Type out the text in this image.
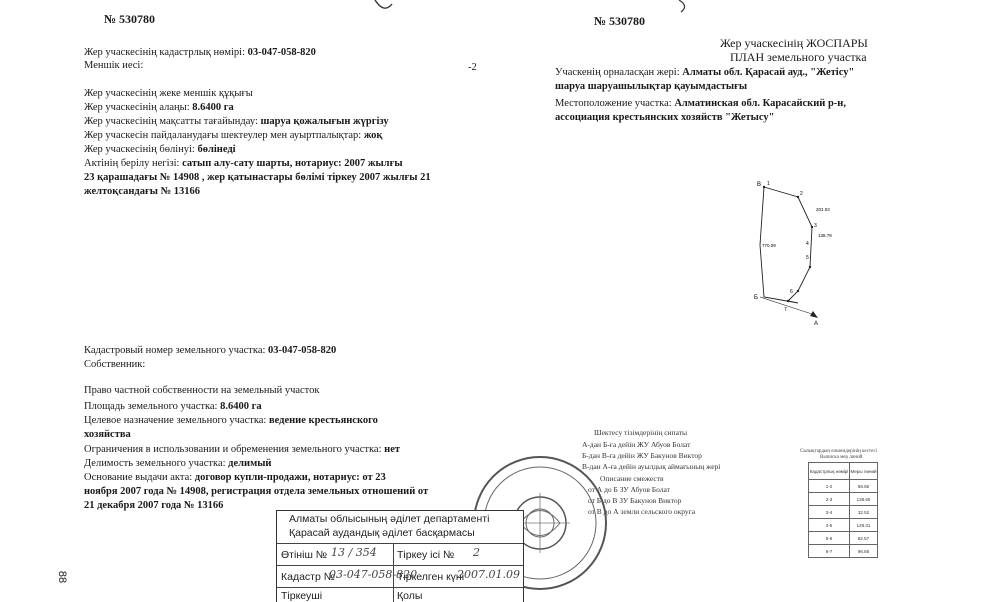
№ 530780
Жер учаскесінің кадастрлық нөмірі: 03-047-058-820
Меншік иесі:	-2
Жер учаскесінің жеке меншік құқығы
Жер учаскесінің алаңы: 8.6400 га
Жер учаскесінің мақсатты тағайындау: шаруа қожалығын жүргізу
Жер учаскесін пайдаланудағы шектеулер мен ауыртпалықтар: жоқ
Жер учаскесінің бөлінуі: бөлінеді
Актінің берілу негізі: сатып алу-сату шарты, нотариус: 2007 жылғы
23 қарашадағы № 14908 , жер қатынастары бөлімі тіркеу 2007 жылғы 21
желтоқсандағы № 13166
№ 530780
Жер учаскесінің ЖОСПАРЫ
ПЛАН земельного участка
Учаскенің орналасқан жері: Алматы обл. Қарасай ауд., "Жетісу"
шаруа шаруашылықтар қауымдастығы
Местоположение участка: Алматинская обл. Карасайский р-н,
ассоциация крестьянских хозяйств "Жетысу"
В 1
2
3
4
5
6
7
Б
А
201.03
138.78
770.09
Кадастровый номер земельного участка: 03-047-058-820
Собственник:
Право частной собственности на земельный участок
Площадь земельного участка: 8.6400 га
Целевое назначение земельного участка: ведение крестьянского
хозяйства
Ограничения в использовании и обременения земельного участка: нет
Делимость земельного участка: делимый
Основание выдачи акта: договор купли-продажи, нотариус: от 23
ноября 2007 года № 14908, регистрация отдела земельных отношений от
21 декабря 2007 года № 13166
Шектесу тізімдерінің сипаты
А-дан Б-ға дейін ЖУ Абуов Болат
Б-дан В-ға дейін ЖУ Бакунов Виктор
В-дан А-ға дейін ауылдық аймағының жері
Описание смежеств
от А до Б ЗУ Абуов Болат
от Б до В ЗУ Бакунов Виктор
от В до А земли сельского округа
Сызықтардың өлшемдерінің кестесі
Выписка мер линий
Кадастрлық нөмірі	Меры линий
1-2	68.56
2-3	138.65
3-4	32.52
4-5	128.31
5-6	82.57
6-7	96.56
Алматы облысының әділет департаменті
Қарасай аудандық әділет басқармасы
Өтініш №	Тіркеу ісі №
Кадастр №	Тіркелген күні
Тіркеуші	Қолы
13 / 354	2
03-047-058-820	2007.01.09
88
